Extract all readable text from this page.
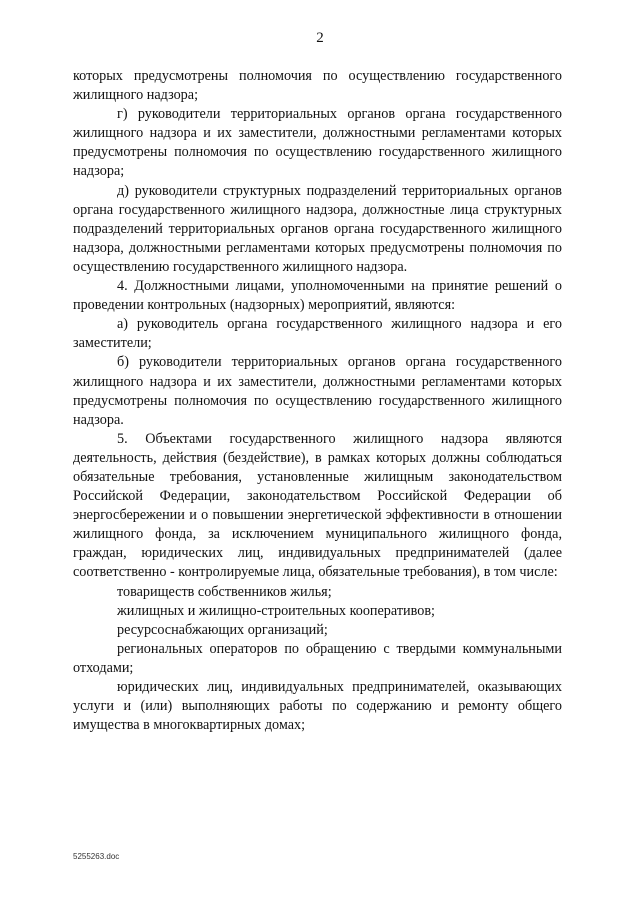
2

которых предусмотрены полномочия по осуществлению государственного жилищного надзора;

г) руководители территориальных органов органа государственного жилищного надзора и их заместители, должностными регламентами которых предусмотрены полномочия по осуществлению государственного жилищного надзора;

д) руководители структурных подразделений территориальных органов органа государственного жилищного надзора, должностные лица структурных подразделений территориальных органов органа государственного жилищного надзора, должностными регламентами которых предусмотрены полномочия по осуществлению государственного жилищного надзора.

4. Должностными лицами, уполномоченными на принятие решений о проведении контрольных (надзорных) мероприятий, являются:

а) руководитель органа государственного жилищного надзора и его заместители;

б) руководители территориальных органов органа государственного жилищного надзора и их заместители, должностными регламентами которых предусмотрены полномочия по осуществлению государственного жилищного надзора.

5. Объектами государственного жилищного надзора являются деятельность, действия (бездействие), в рамках которых должны соблюдаться обязательные требования, установленные жилищным законодательством Российской Федерации, законодательством Российской Федерации об энергосбережении и о повышении энергетической эффективности в отношении жилищного фонда, за исключением муниципального жилищного фонда, граждан, юридических лиц, индивидуальных предпринимателей (далее соответственно - контролируемые лица, обязательные требования), в том числе:

товариществ собственников жилья;

жилищных и жилищно-строительных кооперативов;

ресурсоснабжающих организаций;

региональных операторов по обращению с твердыми коммунальными отходами;

юридических лиц, индивидуальных предпринимателей, оказывающих услуги и (или) выполняющих работы по содержанию и ремонту общего имущества в многоквартирных домах;

5255263.doc
